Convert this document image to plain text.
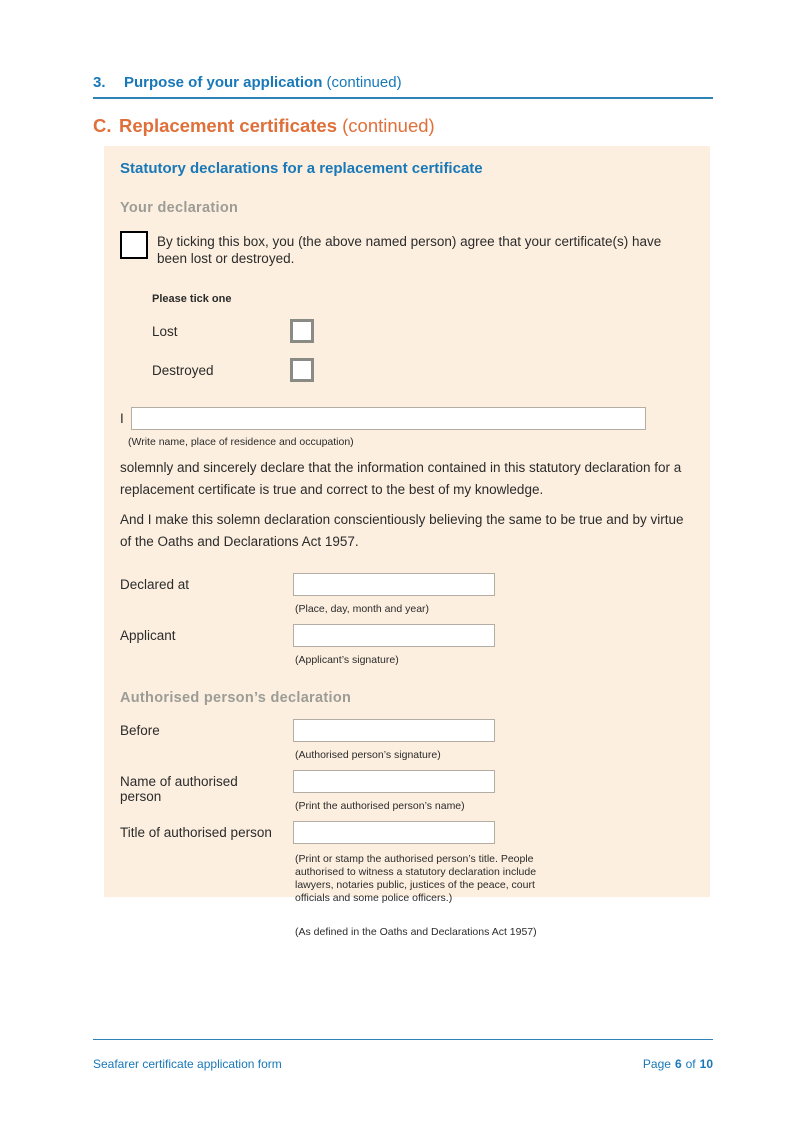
3. Purpose of your application (continued)
C. Replacement certificates (continued)
Statutory declarations for a replacement certificate
Your declaration
By ticking this box, you (the above named person) agree that your certificate(s) have been lost or destroyed.
Please tick one
Lost
Destroyed
I
(Write name, place of residence and occupation)
solemnly and sincerely declare that the information contained in this statutory declaration for a replacement certificate is true and correct to the best of my knowledge.
And I make this solemn declaration conscientiously believing the same to be true and by virtue of the Oaths and Declarations Act 1957.
Declared at
(Place, day, month and year)
Applicant
(Applicant’s signature)
Authorised person’s declaration
Before
(Authorised person’s signature)
Name of authorised person
(Print the authorised person’s name)
Title of authorised person
(Print or stamp the authorised person’s title. People authorised to witness a statutory declaration include lawyers, notaries public, justices of the peace, court officials and some police officers.)
(As defined in the Oaths and Declarations Act 1957)
Seafarer certificate application form	Page 6 of 10
